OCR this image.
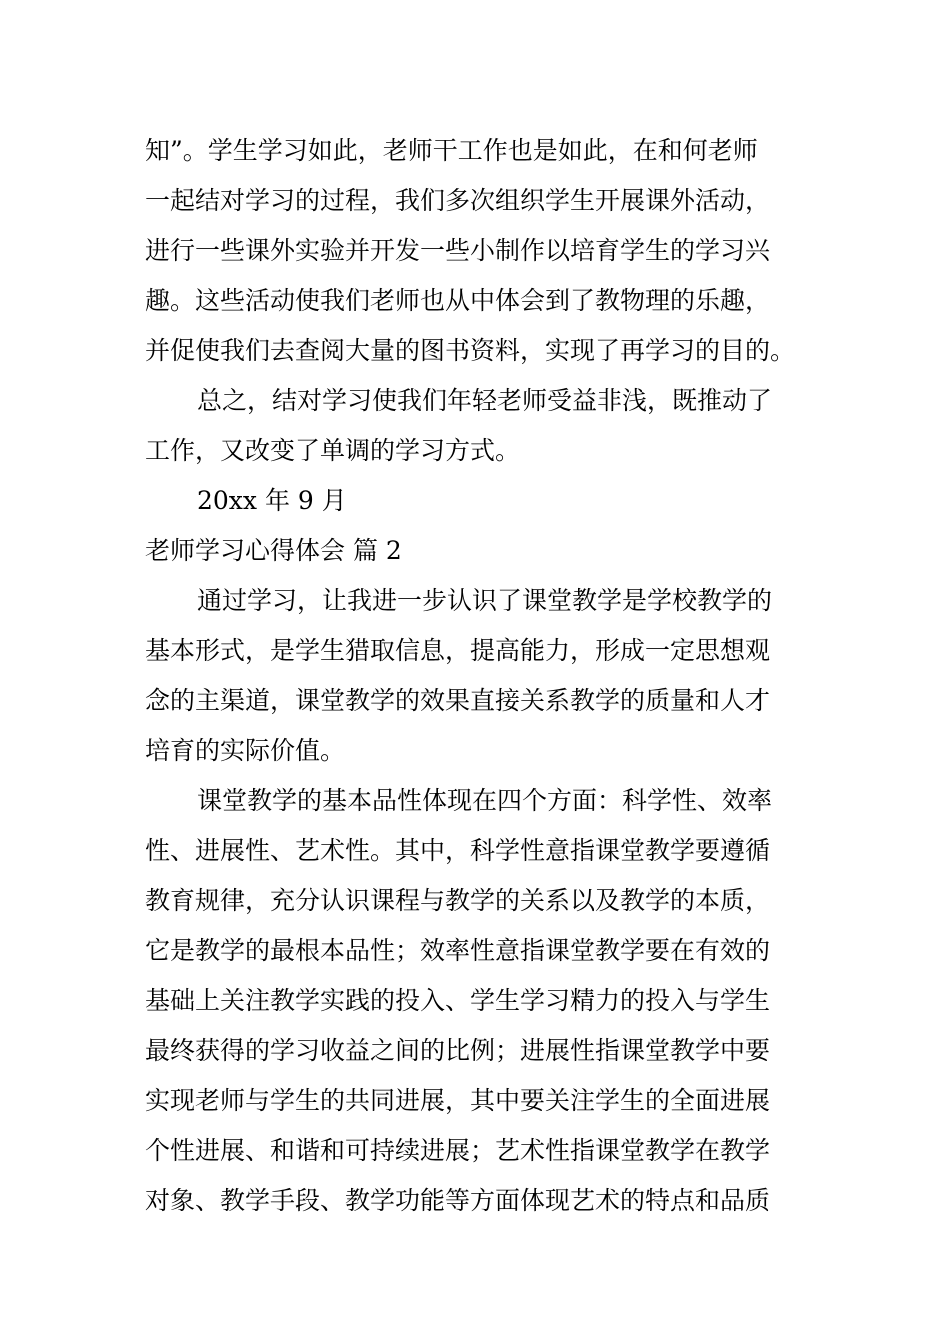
知”。学生学习如此，老师干工作也是如此，在和何老师
一起结对学习的过程，我们多次组织学生开展课外活动，
进行一些课外实验并开发一些小制作以培育学生的学习兴
趣。这些活动使我们老师也从中体会到了教物理的乐趣，
并促使我们去查阅大量的图书资料，实现了再学习的目的。
总之，结对学习使我们年轻老师受益非浅，既推动了
工作，又改变了单调的学习方式。
20xx 年 9 月
老师学习心得体会 篇 2
通过学习，让我进一步认识了课堂教学是学校教学的
基本形式，是学生猎取信息，提高能力，形成一定思想观
念的主渠道，课堂教学的效果直接关系教学的质量和人才
培育的实际价值。
课堂教学的基本品性体现在四个方面：科学性、效率
性、进展性、艺术性。其中，科学性意指课堂教学要遵循
教育规律，充分认识课程与教学的关系以及教学的本质，
它是教学的最根本品性；效率性意指课堂教学要在有效的
基础上关注教学实践的投入、学生学习精力的投入与学生
最终获得的学习收益之间的比例；进展性指课堂教学中要
实现老师与学生的共同进展，其中要关注学生的全面进展
个性进展、和谐和可持续进展；艺术性指课堂教学在教学
对象、教学手段、教学功能等方面体现艺术的特点和品质
